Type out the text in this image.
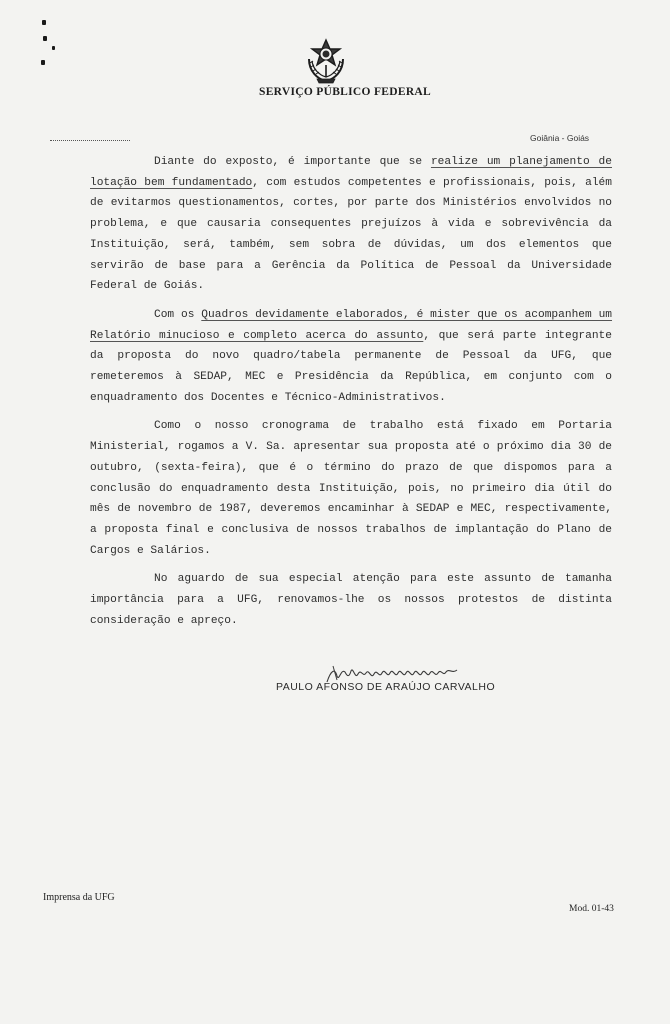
SERVIÇO PÚBLICO FEDERAL
Goiânia - Goiás

Diante do exposto, é importante que se realize um planejamento de lotação bem fundamentado, com estudos competentes e profissionais, pois, além de evitarmos questionamentos, cortes, por parte dos Ministérios envolvidos no problema, e que causaria consequentes prejuízos à vida e sobrevivência da Instituição, será, também, sem sobra de dúvidas, um dos elementos que servirão de base para a Gerência da Política de Pessoal da Universidade Federal de Goiás.

Com os Quadros devidamente elaborados, é mister que os acompanhem um Relatório minucioso e completo acerca do assunto, que será parte integrante da proposta do novo quadro/tabela permanente de Pessoal da UFG, que remeteremos à SEDAP, MEC e Presidência da República, em conjunto com o enquadramento dos Docentes e Técnico-Administrativos.

Como o nosso cronograma de trabalho está fixado em Portaria Ministerial, rogamos a V. Sa. apresentar sua proposta até o próximo dia 30 de outubro, (sexta-feira), que é o término do prazo de que dispomos para a conclusão do enquadramento desta Instituição, pois, no primeiro dia útil do mês de novembro de 1987, deveremos encaminhar à SEDAP e MEC, respectivamente, a proposta final e conclusiva de nossos trabalhos de implantação do Plano de Cargos e Salários.

No aguardo de sua especial atenção para este assunto de tamanha importância para a UFG, renovamos-lhe os nossos protestos de distinta consideração e apreço.

PAULO AFONSO DE ARAÚJO CARVALHO
Imprensa da UFG
Mod. 01-43
